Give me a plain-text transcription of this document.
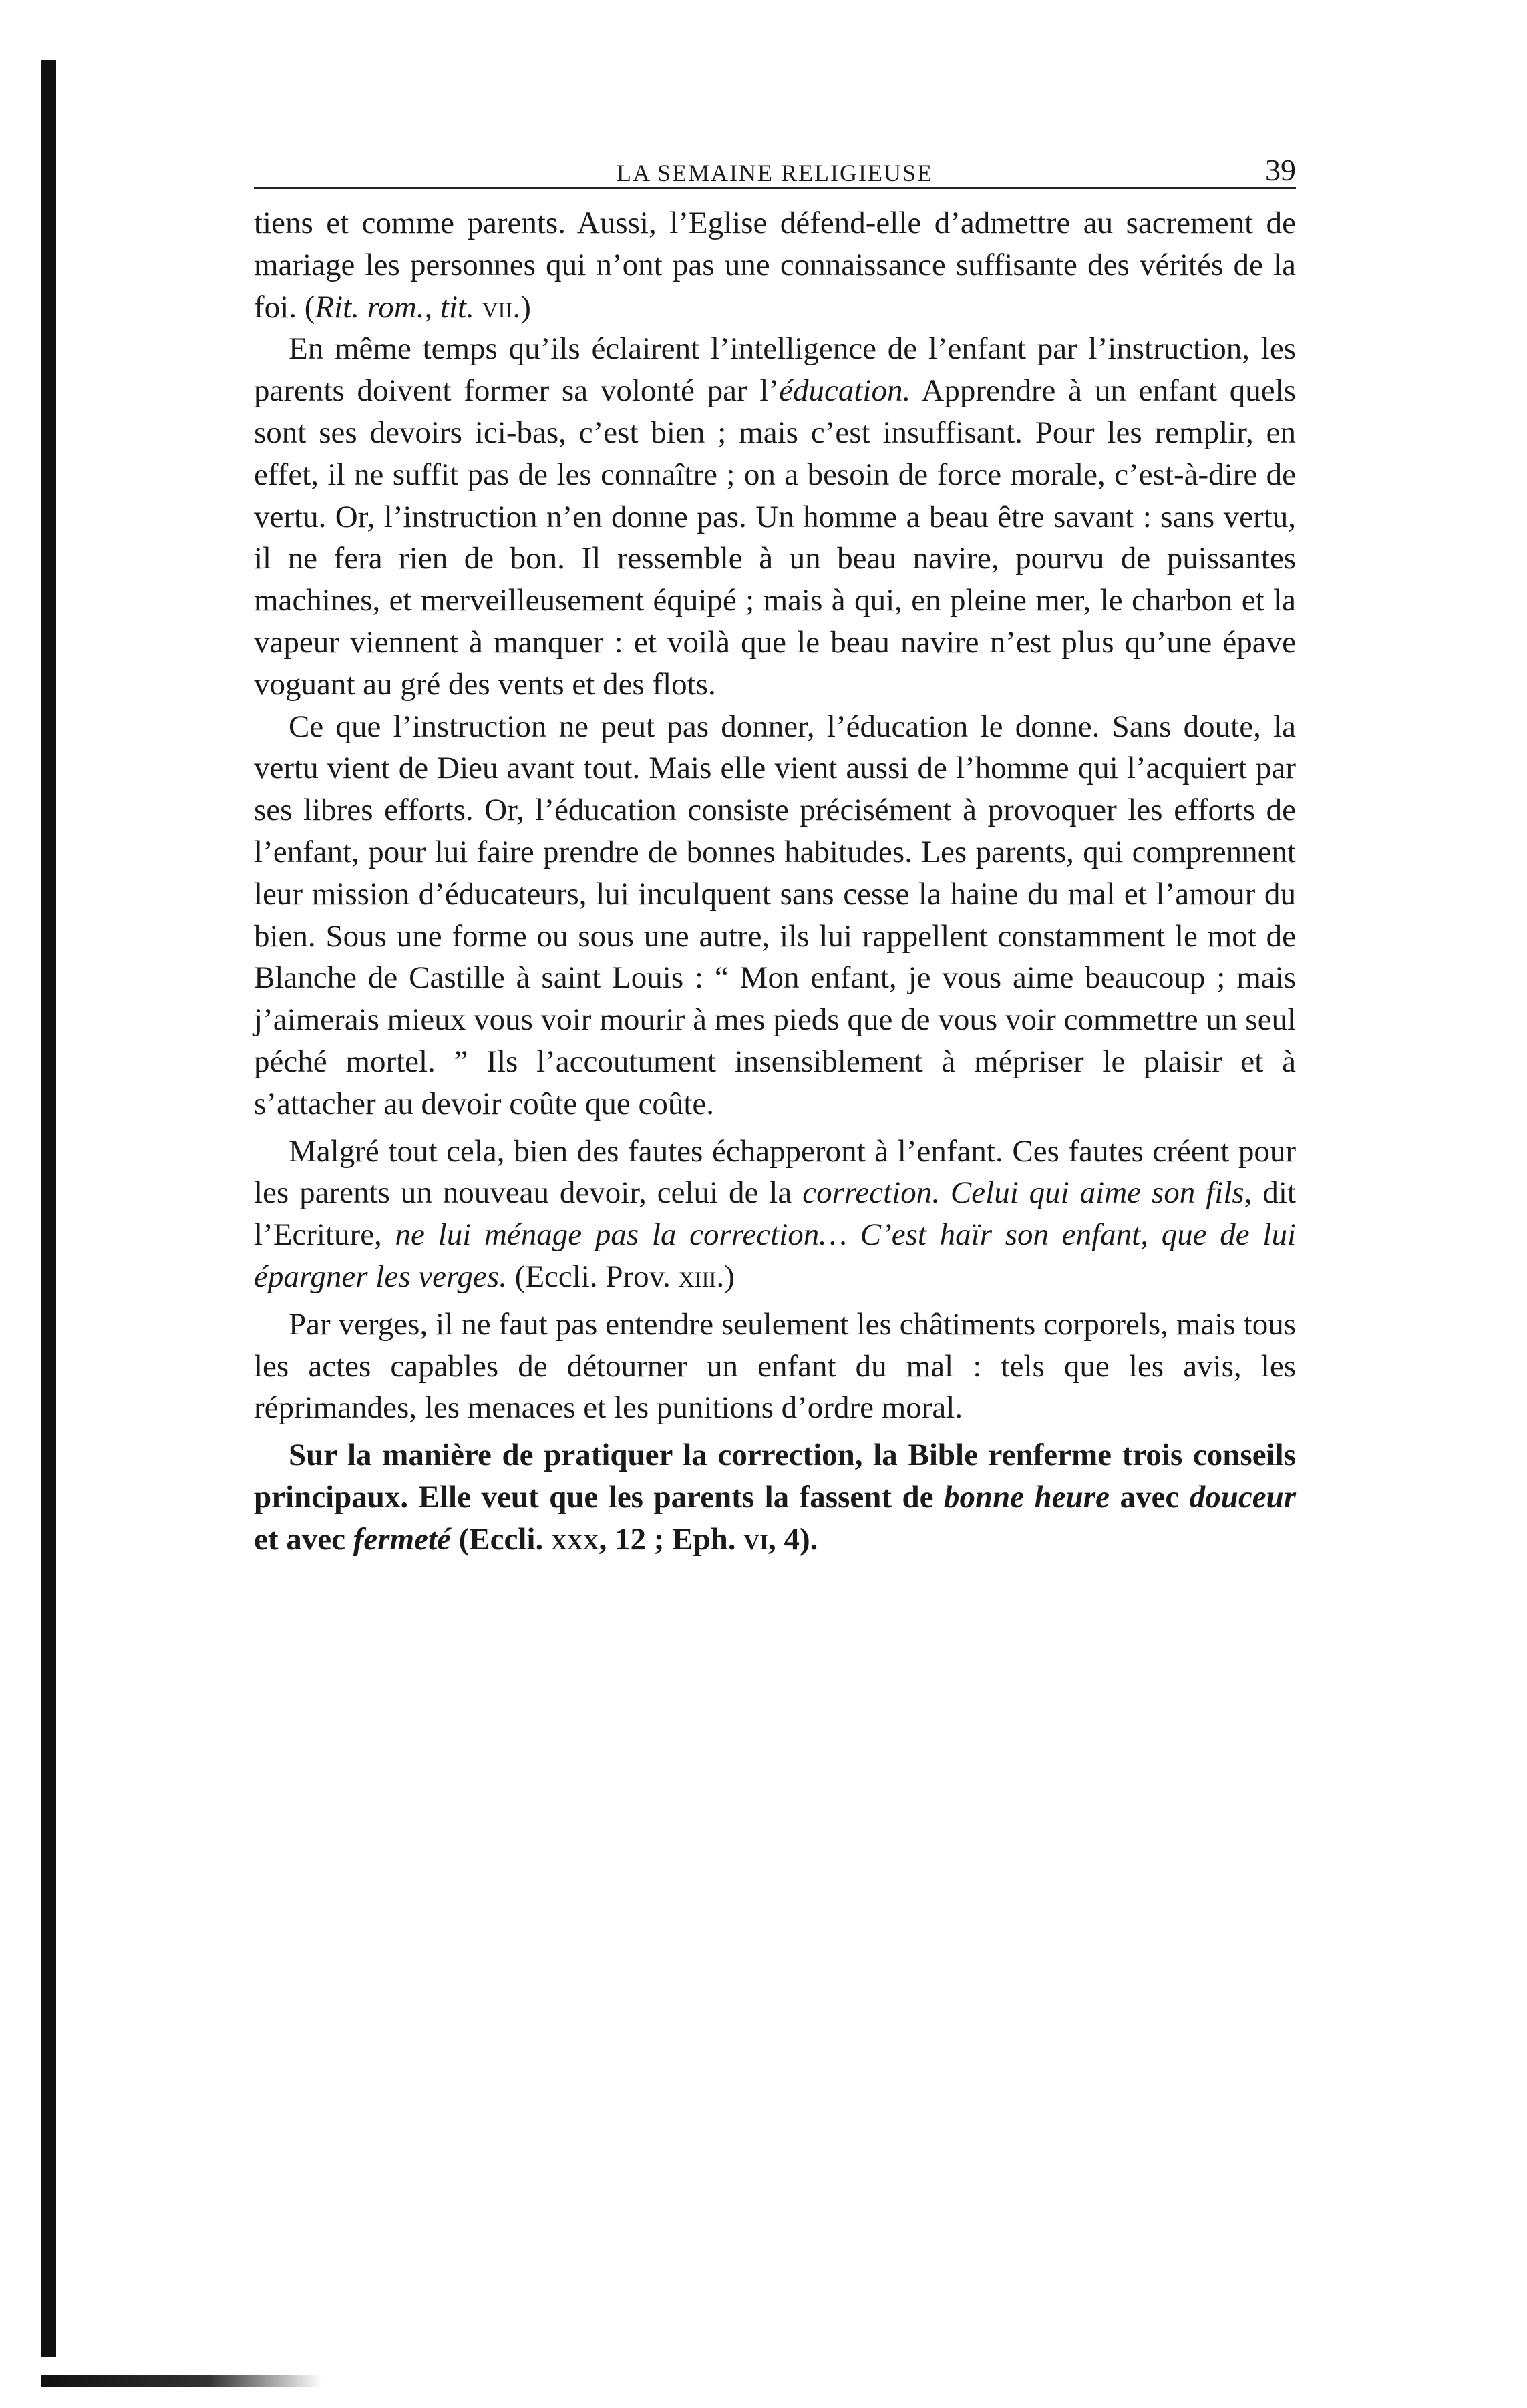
LA SEMAINE RELIGIEUSE	39

tiens et comme parents. Aussi, l’Eglise défend-elle d’admettre au sacrement de mariage les personnes qui n’ont pas une connaissance suffisante des vérités de la foi. (Rit. rom., tit. vii.)

En même temps qu’ils éclairent l’intelligence de l’enfant par l’instruction, les parents doivent former sa volonté par l’éducation. Apprendre à un enfant quels sont ses devoirs ici-bas, c’est bien ; mais c’est insuffisant. Pour les remplir, en effet, il ne suffit pas de les connaître ; on a besoin de force morale, c’est-à-dire de vertu. Or, l’instruction n’en donne pas. Un homme a beau être savant : sans vertu, il ne fera rien de bon. Il ressemble à un beau navire, pourvu de puissantes machines, et merveilleusement équipé ; mais à qui, en pleine mer, le charbon et la vapeur viennent à manquer : et voilà que le beau navire n’est plus qu’une épave voguant au gré des vents et des flots.

Ce que l’instruction ne peut pas donner, l’éducation le donne. Sans doute, la vertu vient de Dieu avant tout. Mais elle vient aussi de l’homme qui l’acquiert par ses libres efforts. Or, l’éducation consiste précisément à provoquer les efforts de l’enfant, pour lui faire prendre de bonnes habitudes. Les parents, qui comprennent leur mission d’éducateurs, lui inculquent sans cesse la haine du mal et l’amour du bien. Sous une forme ou sous une autre, ils lui rappellent constamment le mot de Blanche de Castille à saint Louis : “ Mon enfant, je vous aime beaucoup ; mais j’aimerais mieux vous voir mourir à mes pieds que de vous voir commettre un seul péché mortel. ” Ils l’accoutument insensiblement à mépriser le plaisir et à s’attacher au devoir coûte que coûte.

Malgré tout cela, bien des fautes échapperont à l’enfant. Ces fautes créent pour les parents un nouveau devoir, celui de la correction. Celui qui aime son fils, dit l’Ecriture, ne lui ménage pas la correction… C’est haïr son enfant, que de lui épargner les verges. (Eccli. Prov. xiii.)

Par verges, il ne faut pas entendre seulement les châtiments corporels, mais tous les actes capables de détourner un enfant du mal : tels que les avis, les réprimandes, les menaces et les punitions d’ordre moral.

Sur la manière de pratiquer la correction, la Bible renferme trois conseils principaux. Elle veut que les parents la fassent de bonne heure avec douceur et avec fermeté (Eccli. xxx, 12 ; Eph. vi, 4).
